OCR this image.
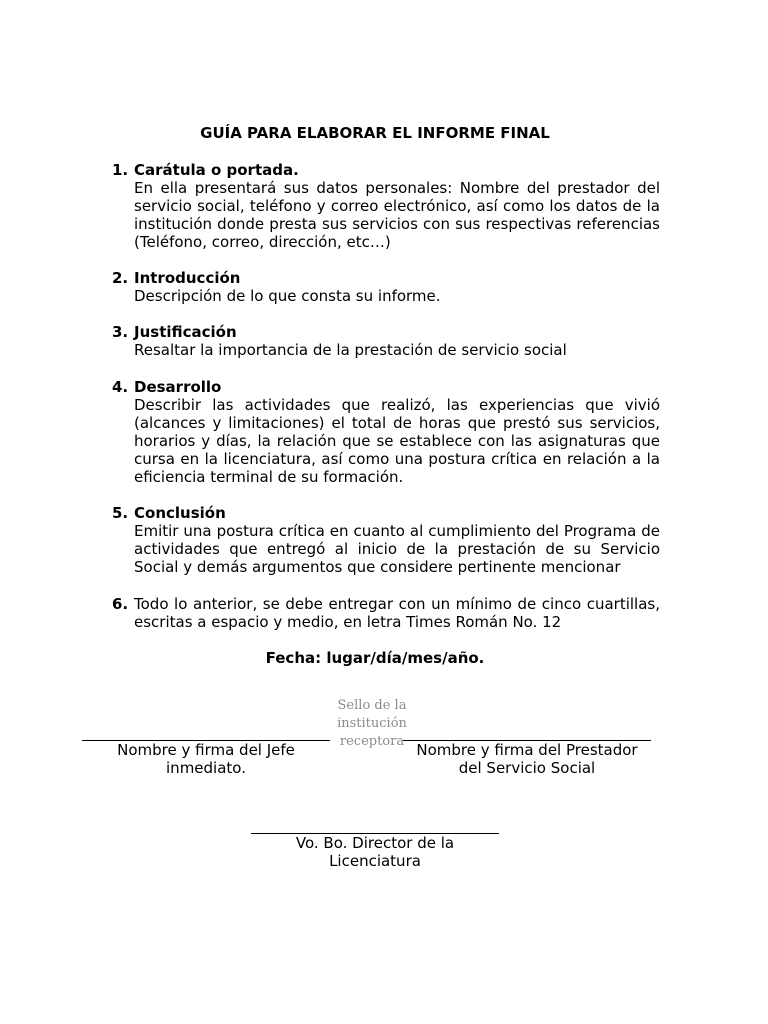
GUÍA PARA ELABORAR EL INFORME FINAL
1. Carátula o portada.
En ella presentará sus datos personales: Nombre del prestador del servicio social, teléfono y correo electrónico, así como los datos de la institución donde presta sus servicios con sus respectivas referencias (Teléfono, correo, dirección, etc…)
2. Introducción
Descripción de lo que consta su informe.
3. Justificación
Resaltar la importancia de la prestación de servicio social
4. Desarrollo
Describir las actividades que realizó, las experiencias que vivió (alcances y limitaciones) el total de horas que prestó sus servicios, horarios y días, la relación que se establece con las asignaturas que cursa en la licenciatura, así como una postura crítica en relación a la eficiencia terminal de su formación.
5. Conclusión
Emitir una postura crítica en cuanto al cumplimiento del Programa de actividades que entregó al inicio de la prestación de su Servicio Social y demás argumentos que considere pertinente mencionar
6. Todo lo anterior, se debe entregar con un mínimo de cinco cuartillas, escritas a espacio y medio, en letra Times Román No. 12
Fecha: lugar/día/mes/año.
Sello de la
institución
receptora
Nombre y firma del Jefe
inmediato.
Nombre y firma del Prestador
del Servicio Social
Vo. Bo. Director de la
Licenciatura
